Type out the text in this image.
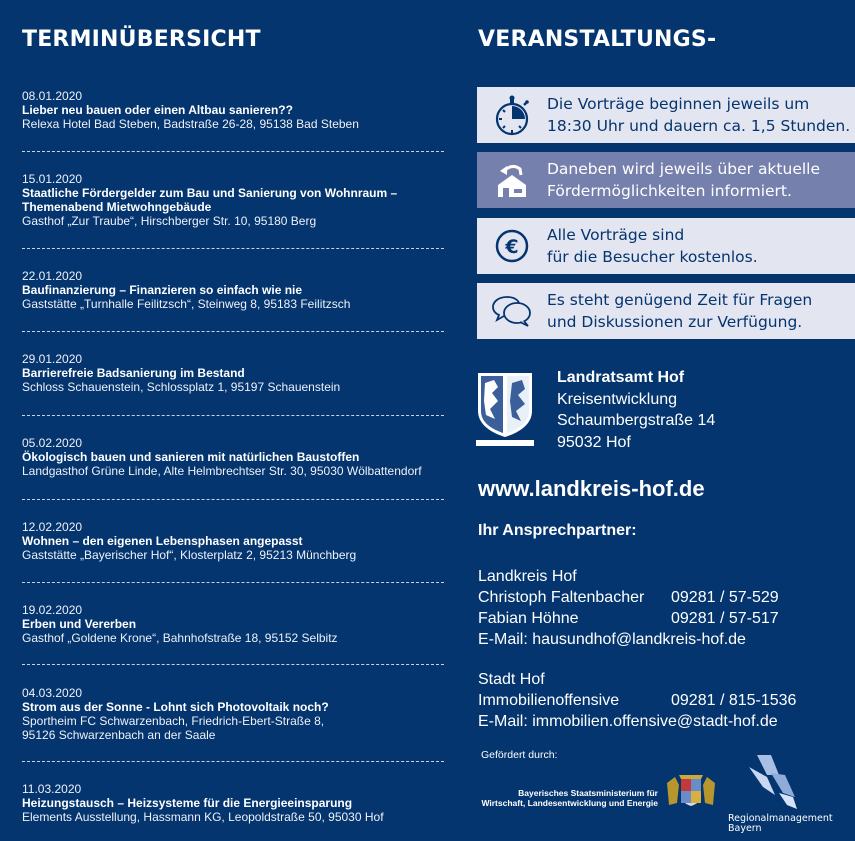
TERMINÜBERSICHT	VERANSTALTUNGS-
08.01.2020
Lieber neu bauen oder einen Altbau sanieren??
Relexa Hotel Bad Steben, Badstraße 26-28, 95138 Bad Steben
15.01.2020
Staatliche Fördergelder zum Bau und Sanierung von Wohnraum –
Themenabend Mietwohngebäude
Gasthof „Zur Traube“, Hirschberger Str. 10, 95180 Berg
22.01.2020
Baufinanzierung – Finanzieren so einfach wie nie
Gaststätte „Turnhalle Feilitzsch“, Steinweg 8, 95183 Feilitzsch
29.01.2020
Barrierefreie Badsanierung im Bestand
Schloss Schauenstein, Schlossplatz 1, 95197 Schauenstein
05.02.2020
Ökologisch bauen und sanieren mit natürlichen Baustoffen
Landgasthof Grüne Linde, Alte Helmbrechtser Str. 30, 95030 Wölbattendorf
12.02.2020
Wohnen – den eigenen Lebensphasen angepasst
Gaststätte „Bayerischer Hof“, Klosterplatz 2, 95213 Münchberg
19.02.2020
Erben und Vererben
Gasthof „Goldene Krone“, Bahnhofstraße 18, 95152 Selbitz
04.03.2020
Strom aus der Sonne - Lohnt sich Photovoltaik noch?
Sportheim FC Schwarzenbach, Friedrich-Ebert-Straße 8,
95126 Schwarzenbach an der Saale
11.03.2020
Heizungstausch – Heizsysteme für die Energieeinsparung
Elements Ausstellung, Hassmann KG, Leopoldstraße 50, 95030 Hof
Die Vorträge beginnen jeweils um
18:30 Uhr und dauern ca. 1,5 Stunden.
Daneben wird jeweils über aktuelle
Fördermöglichkeiten informiert.
€
Alle Vorträge sind
für die Besucher kostenlos.
Es steht genügend Zeit für Fragen
und Diskussionen zur Verfügung.
Landratsamt Hof
Kreisentwicklung
Schaumbergstraße 14
95032 Hof
www.landkreis-hof.de
Ihr Ansprechpartner:
Landkreis Hof
Christoph Faltenbacher	09281 / 57-529
Fabian Höhne	09281 / 57-517
E-Mail: hausundhof@landkreis-hof.de
Stadt Hof
Immobilienoffensive	09281 / 815-1536
E-Mail: immobilien.offensive@stadt-hof.de
Gefördert durch:
Bayerisches Staatsministerium für
Wirtschaft, Landesentwicklung und Energie
Regionalmanagement
Bayern
